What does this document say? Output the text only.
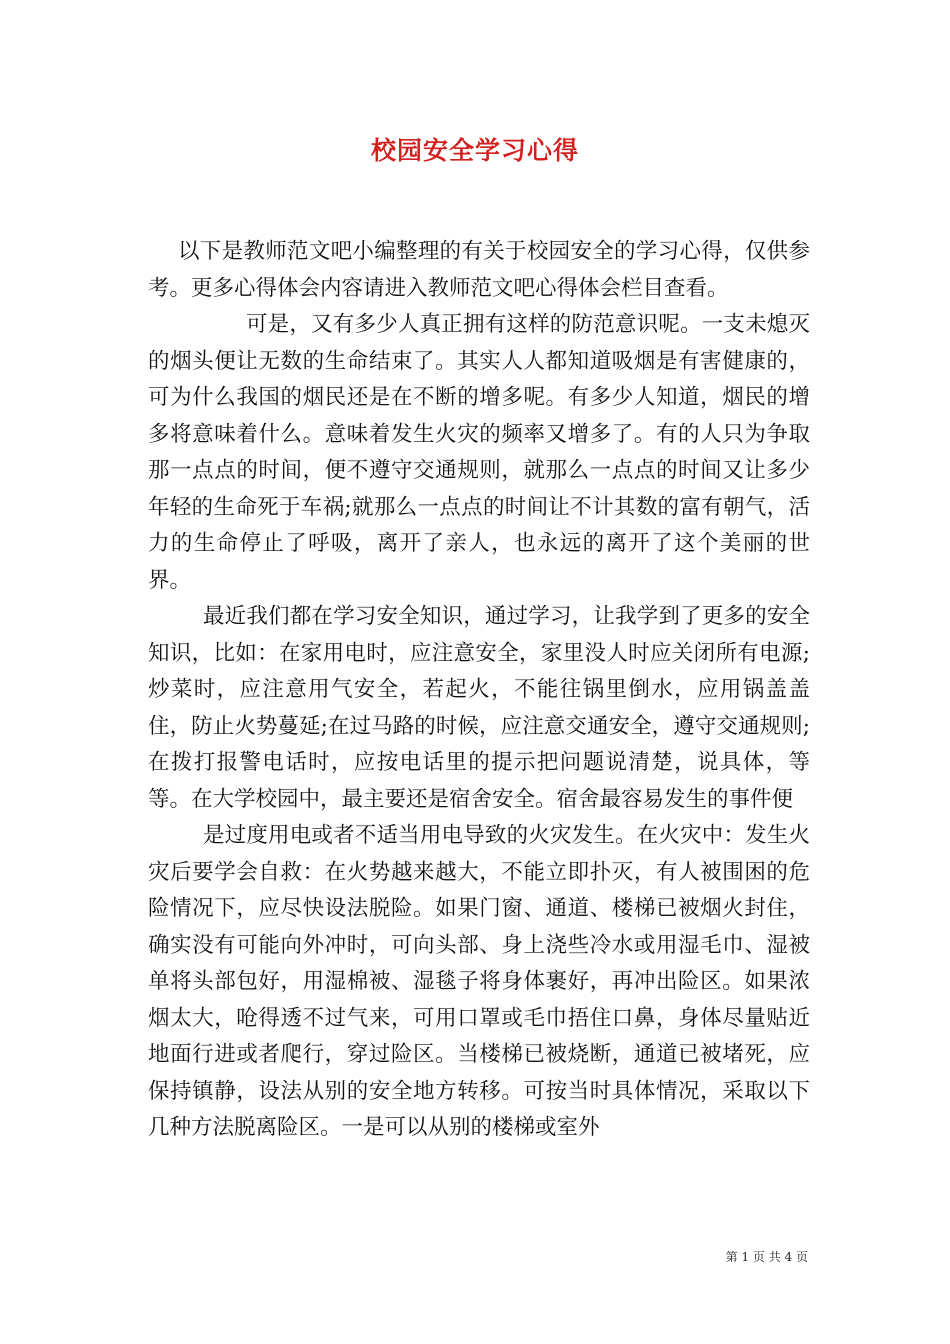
校园安全学习心得

以下是教师范文吧小编整理的有关于校园安全的学习心得，仅供参考。更多心得体会内容请进入教师范文吧心得体会栏目查看。

可是，又有多少人真正拥有这样的防范意识呢。一支未熄灭的烟头便让无数的生命结束了。其实人人都知道吸烟是有害健康的，可为什么我国的烟民还是在不断的增多呢。有多少人知道，烟民的增多将意味着什么。意味着发生火灾的频率又增多了。有的人只为争取那一点点的时间，便不遵守交通规则，就那么一点点的时间又让多少年轻的生命死于车祸;就那么一点点的时间让不计其数的富有朝气，活力的生命停止了呼吸，离开了亲人，也永远的离开了这个美丽的世界。

最近我们都在学习安全知识，通过学习，让我学到了更多的安全知识，比如：在家用电时，应注意安全，家里没人时应关闭所有电源;炒菜时，应注意用气安全，若起火，不能往锅里倒水，应用锅盖盖住，防止火势蔓延;在过马路的时候，应注意交通安全，遵守交通规则;在拨打报警电话时，应按电话里的提示把问题说清楚，说具体，等等。在大学校园中，最主要还是宿舍安全。宿舍最容易发生的事件便

是过度用电或者不适当用电导致的火灾发生。在火灾中：发生火灾后要学会自救：在火势越来越大，不能立即扑灭，有人被围困的危险情况下，应尽快设法脱险。如果门窗、通道、楼梯已被烟火封住，确实没有可能向外冲时，可向头部、身上浇些冷水或用湿毛巾、湿被单将头部包好，用湿棉被、湿毯子将身体裹好，再冲出险区。如果浓烟太大，呛得透不过气来，可用口罩或毛巾捂住口鼻，身体尽量贴近地面行进或者爬行，穿过险区。当楼梯已被烧断，通道已被堵死，应保持镇静，设法从别的安全地方转移。可按当时具体情况，采取以下几种方法脱离险区。一是可以从别的楼梯或室外

第 1 页 共 4 页
